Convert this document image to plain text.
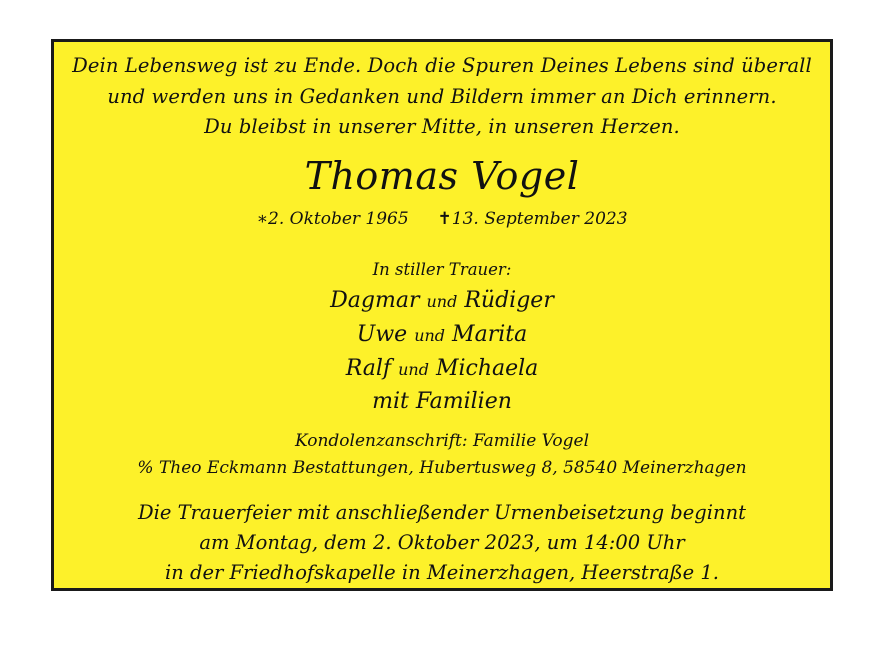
Dein Lebensweg ist zu Ende. Doch die Spuren Deines Lebens sind überall
und werden uns in Gedanken und Bildern immer an Dich erinnern.
Du bleibst in unserer Mitte, in unseren Herzen.
Thomas Vogel
∗2. Oktober 1965 ✝13. September 2023
In stiller Trauer:
Dagmar und Rüdiger
Uwe und Marita
Ralf und Michaela
mit Familien
Kondolenzanschrift: Familie Vogel
% Theo Eckmann Bestattungen, Hubertusweg 8, 58540 Meinerzhagen
Die Trauerfeier mit anschließender Urnenbeisetzung beginnt
am Montag, dem 2. Oktober 2023, um 14:00 Uhr
in der Friedhofskapelle in Meinerzhagen, Heerstraße 1.
